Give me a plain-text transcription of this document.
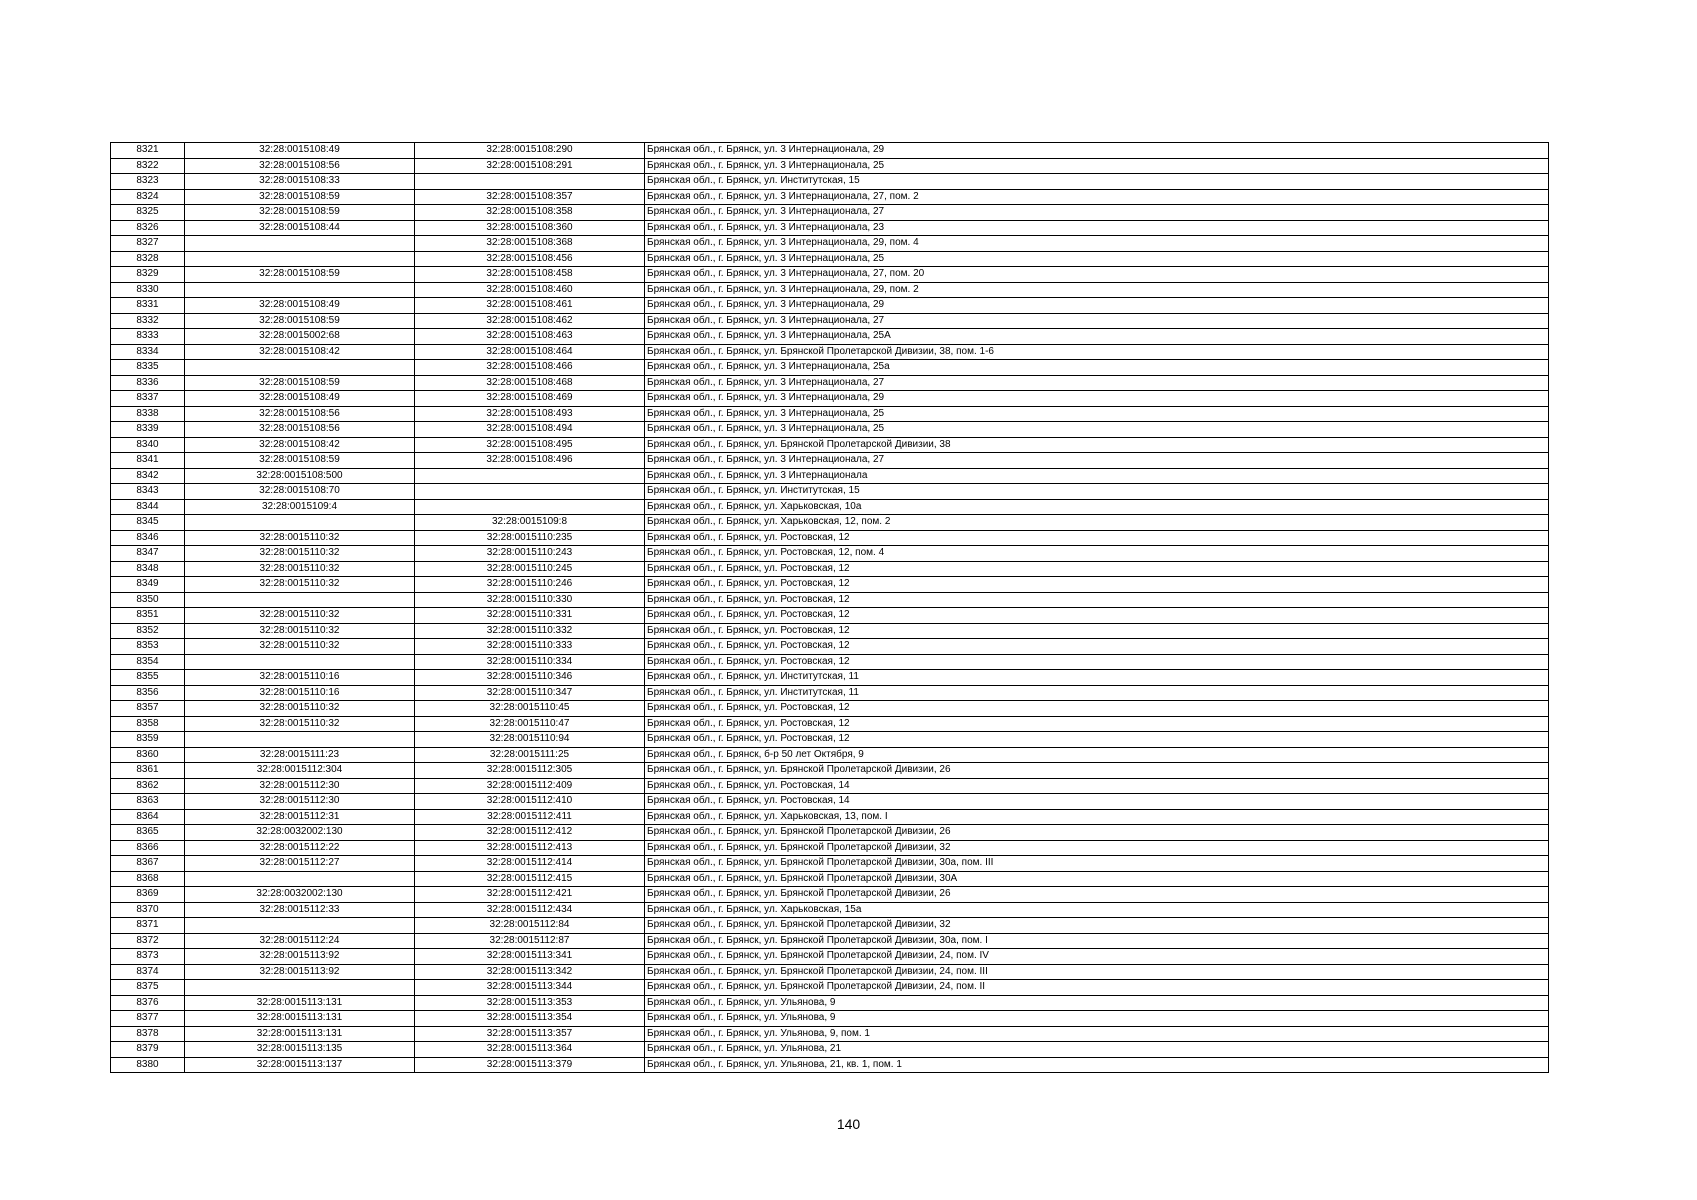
8321	32:28:0015108:49	32:28:0015108:290	Брянская обл., г. Брянск, ул. 3 Интернационала, 29
8322	32:28:0015108:56	32:28:0015108:291	Брянская обл., г. Брянск, ул. 3 Интернационала, 25
8323	32:28:0015108:33		Брянская обл., г. Брянск, ул. Институтская, 15
8324	32:28:0015108:59	32:28:0015108:357	Брянская обл., г. Брянск, ул. 3 Интернационала, 27, пом. 2
8325	32:28:0015108:59	32:28:0015108:358	Брянская обл., г. Брянск, ул. 3 Интернационала, 27
8326	32:28:0015108:44	32:28:0015108:360	Брянская обл., г. Брянск, ул. 3 Интернационала, 23
8327		32:28:0015108:368	Брянская обл., г. Брянск, ул. 3 Интернационала, 29, пом. 4
8328		32:28:0015108:456	Брянская обл., г. Брянск, ул. 3 Интернационала, 25
8329	32:28:0015108:59	32:28:0015108:458	Брянская обл., г. Брянск, ул. 3 Интернационала, 27, пом. 20
8330		32:28:0015108:460	Брянская обл., г. Брянск, ул. 3 Интернационала, 29, пом. 2
8331	32:28:0015108:49	32:28:0015108:461	Брянская обл., г. Брянск, ул. 3 Интернационала, 29
8332	32:28:0015108:59	32:28:0015108:462	Брянская обл., г. Брянск, ул. 3 Интернационала, 27
8333	32:28:0015002:68	32:28:0015108:463	Брянская обл., г. Брянск, ул. 3 Интернационала, 25А
8334	32:28:0015108:42	32:28:0015108:464	Брянская обл., г. Брянск, ул. Брянской Пролетарской Дивизии, 38, пом. 1-6
8335		32:28:0015108:466	Брянская обл., г. Брянск, ул. 3 Интернационала, 25а
8336	32:28:0015108:59	32:28:0015108:468	Брянская обл., г. Брянск, ул. 3 Интернационала, 27
8337	32:28:0015108:49	32:28:0015108:469	Брянская обл., г. Брянск, ул. 3 Интернационала, 29
8338	32:28:0015108:56	32:28:0015108:493	Брянская обл., г. Брянск, ул. 3 Интернационала, 25
8339	32:28:0015108:56	32:28:0015108:494	Брянская обл., г. Брянск, ул. 3 Интернационала, 25
8340	32:28:0015108:42	32:28:0015108:495	Брянская обл., г. Брянск, ул. Брянской Пролетарской Дивизии, 38
8341	32:28:0015108:59	32:28:0015108:496	Брянская обл., г. Брянск, ул. 3 Интернационала, 27
8342	32:28:0015108:500		Брянская обл., г. Брянск, ул. 3 Интернационала
8343	32:28:0015108:70		Брянская обл., г. Брянск, ул. Институтская, 15
8344	32:28:0015109:4		Брянская обл., г. Брянск, ул. Харьковская, 10а
8345		32:28:0015109:8	Брянская обл., г. Брянск, ул. Харьковская, 12, пом. 2
8346	32:28:0015110:32	32:28:0015110:235	Брянская обл., г. Брянск, ул. Ростовская, 12
8347	32:28:0015110:32	32:28:0015110:243	Брянская обл., г. Брянск, ул. Ростовская, 12, пом. 4
8348	32:28:0015110:32	32:28:0015110:245	Брянская обл., г. Брянск, ул. Ростовская, 12
8349	32:28:0015110:32	32:28:0015110:246	Брянская обл., г. Брянск, ул. Ростовская, 12
8350		32:28:0015110:330	Брянская обл., г. Брянск, ул. Ростовская, 12
8351	32:28:0015110:32	32:28:0015110:331	Брянская обл., г. Брянск, ул. Ростовская, 12
8352	32:28:0015110:32	32:28:0015110:332	Брянская обл., г. Брянск, ул. Ростовская, 12
8353	32:28:0015110:32	32:28:0015110:333	Брянская обл., г. Брянск, ул. Ростовская, 12
8354		32:28:0015110:334	Брянская обл., г. Брянск, ул. Ростовская, 12
8355	32:28:0015110:16	32:28:0015110:346	Брянская обл., г. Брянск, ул. Институтская, 11
8356	32:28:0015110:16	32:28:0015110:347	Брянская обл., г. Брянск, ул. Институтская, 11
8357	32:28:0015110:32	32:28:0015110:45	Брянская обл., г. Брянск, ул. Ростовская, 12
8358	32:28:0015110:32	32:28:0015110:47	Брянская обл., г. Брянск, ул. Ростовская, 12
8359		32:28:0015110:94	Брянская обл., г. Брянск, ул. Ростовская, 12
8360	32:28:0015111:23	32:28:0015111:25	Брянская обл., г. Брянск, б-р 50 лет Октября, 9
8361	32:28:0015112:304	32:28:0015112:305	Брянская обл., г. Брянск, ул. Брянской Пролетарской Дивизии, 26
8362	32:28:0015112:30	32:28:0015112:409	Брянская обл., г. Брянск, ул. Ростовская, 14
8363	32:28:0015112:30	32:28:0015112:410	Брянская обл., г. Брянск, ул. Ростовская, 14
8364	32:28:0015112:31	32:28:0015112:411	Брянская обл., г. Брянск, ул. Харьковская, 13, пом. I
8365	32:28:0032002:130	32:28:0015112:412	Брянская обл., г. Брянск, ул. Брянской Пролетарской Дивизии, 26
8366	32:28:0015112:22	32:28:0015112:413	Брянская обл., г. Брянск, ул. Брянской Пролетарской Дивизии, 32
8367	32:28:0015112:27	32:28:0015112:414	Брянская обл., г. Брянск, ул. Брянской Пролетарской Дивизии, 30а, пом. III
8368		32:28:0015112:415	Брянская обл., г. Брянск, ул. Брянской Пролетарской Дивизии, 30А
8369	32:28:0032002:130	32:28:0015112:421	Брянская обл., г. Брянск, ул. Брянской Пролетарской Дивизии, 26
8370	32:28:0015112:33	32:28:0015112:434	Брянская обл., г. Брянск, ул. Харьковская, 15а
8371		32:28:0015112:84	Брянская обл., г. Брянск, ул. Брянской Пролетарской Дивизии, 32
8372	32:28:0015112:24	32:28:0015112:87	Брянская обл., г. Брянск, ул. Брянской Пролетарской Дивизии, 30а, пом. I
8373	32:28:0015113:92	32:28:0015113:341	Брянская обл., г. Брянск, ул. Брянской Пролетарской Дивизии, 24, пом. IV
8374	32:28:0015113:92	32:28:0015113:342	Брянская обл., г. Брянск, ул. Брянской Пролетарской Дивизии, 24, пом. III
8375		32:28:0015113:344	Брянская обл., г. Брянск, ул. Брянской Пролетарской Дивизии, 24, пом. II
8376	32:28:0015113:131	32:28:0015113:353	Брянская обл., г. Брянск, ул. Ульянова, 9
8377	32:28:0015113:131	32:28:0015113:354	Брянская обл., г. Брянск, ул. Ульянова, 9
8378	32:28:0015113:131	32:28:0015113:357	Брянская обл., г. Брянск, ул. Ульянова, 9, пом. 1
8379	32:28:0015113:135	32:28:0015113:364	Брянская обл., г. Брянск, ул. Ульянова, 21
8380	32:28:0015113:137	32:28:0015113:379	Брянская обл., г. Брянск, ул. Ульянова, 21, кв. 1, пом. 1
140
